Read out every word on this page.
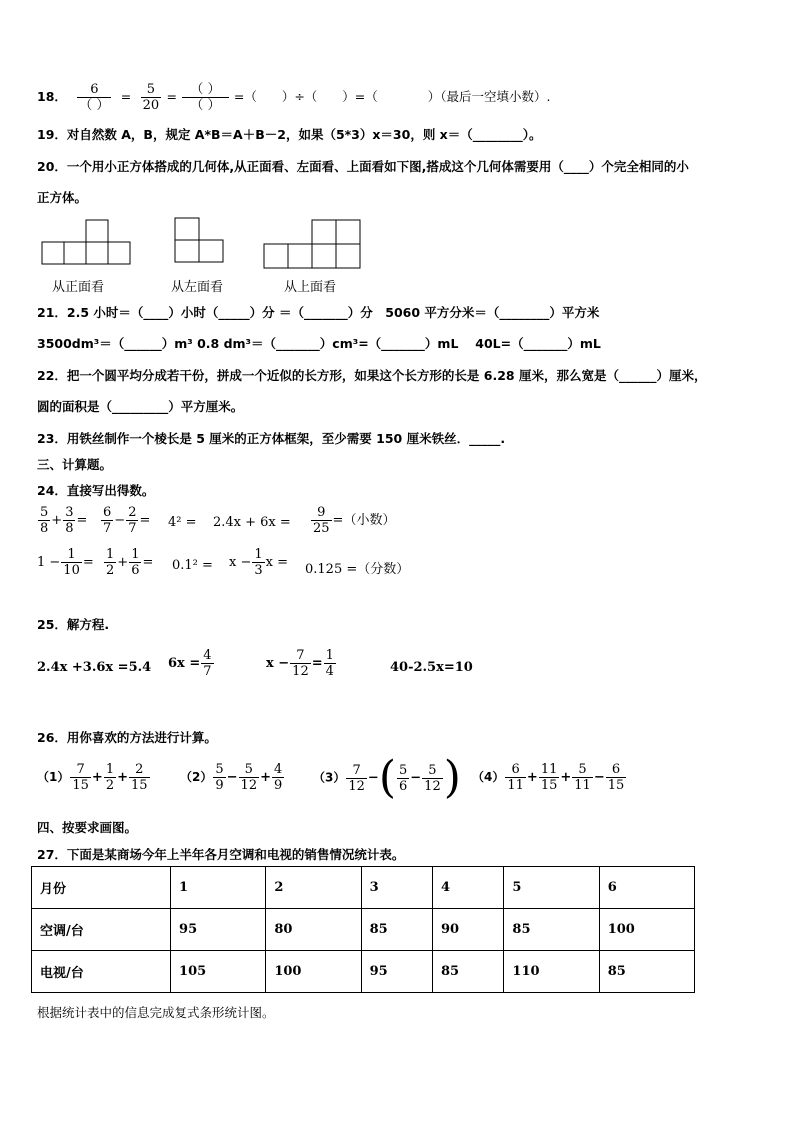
18． $\frac{6}{( )} = \frac{5}{20} = \frac{( )}{( )}$ =（　　）÷（　　）=（　　　　）（最后一空填小数）.
19．对自然数 A，B，规定 A*B＝A＋B－2，如果（5*3）x＝30，则 x＝（________）。
20．一个用小正方体搭成的几何体,从正面看、左面看、上面看如下图,搭成这个几何体需要用（____）个完全相同的小
正方体。
从正面看	从左面看	从上面看
21．2.5 小时＝（____）小时（_____）分 ＝（_______）分　5060 平方分米＝（________）平方米
3500dm³＝（______）m³ 0.8 dm³＝（_______）cm³=（_______）mL　 40L=（_______）mL
22．把一个圆平均分成若干份，拼成一个近似的长方形，如果这个长方形的长是 6.28 厘米，那么宽是（______）厘米，
圆的面积是（_________）平方厘米。
23．用铁丝制作一个棱长是 5 厘米的正方体框架，至少需要 150 厘米铁丝．_____.
三、计算题。
24．直接写出得数。
$\frac{5}{8} + \frac{3}{8} = \frac{6}{7} - \frac{2}{7} = 4^2 = 2.4x + 6x = \frac{9}{25}$ =（小数）
$1 - \frac{1}{10} = \frac{1}{2} + \frac{1}{6} = 0.1^2 = x - \frac{1}{3}$ x = 0.125 =（分数）
25．解方程.
2.4x +3.6x =5.4 $6x = \frac{4}{7}$	$x - \frac{7}{12} = \frac{1}{4}$	40-2.5x=10
26．用你喜欢的方法进行计算。
$(1) \frac{7}{15} + \frac{1}{2} + \frac{2}{15}$	$(2) \frac{5}{9} - \frac{5}{12} + \frac{4}{9} (3) \frac{7}{12}$ −( $\frac{5}{6} - \frac{5}{12}$ ) $(4) \frac{6}{11} + \frac{11}{15} + \frac{5}{11} - \frac{6}{15}$
四、按要求画图。
27．下面是某商场今年上半年各月空调和电视的销售情况统计表。
月份	1	2	3	4	5	6
空调/台	95	80	85	90	85	100
电视/台	105	100	95	85	110	85
根据统计表中的信息完成复式条形统计图。
